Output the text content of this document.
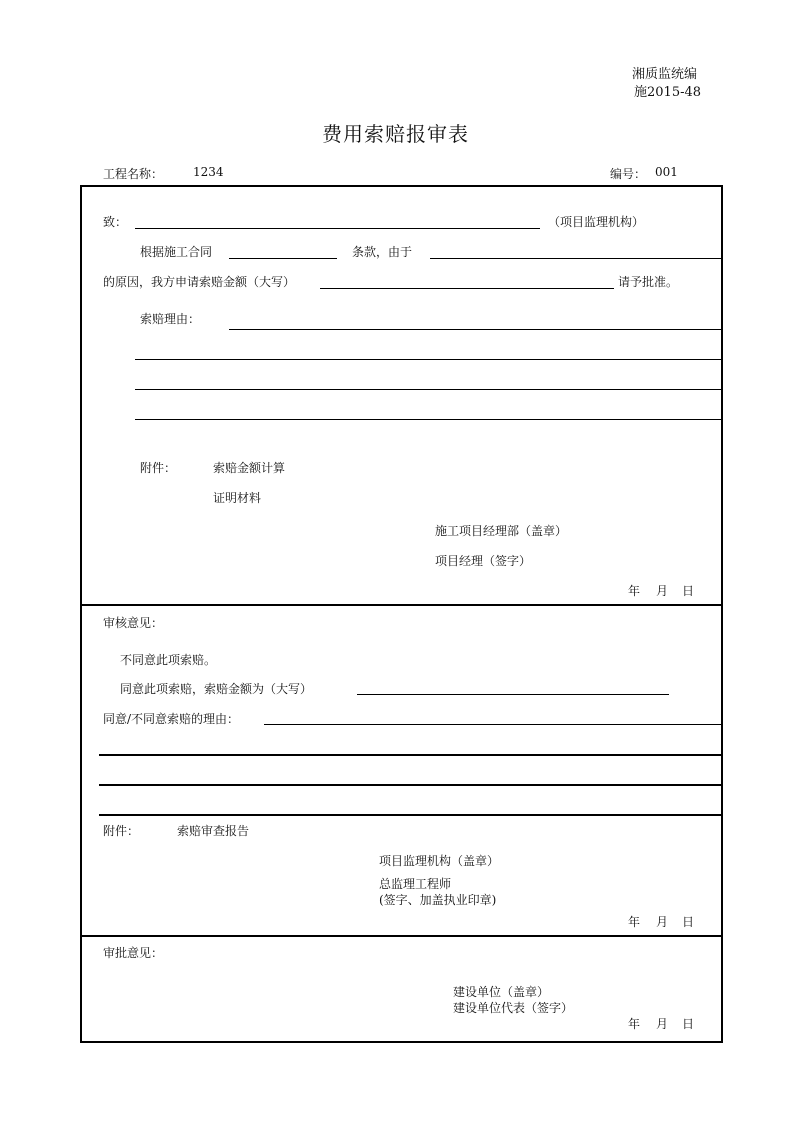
湘质监统编
施2015-48
费用索赔报审表
工程名称： 1234	编号： 001
致：	（项目监理机构）
根据施工合同	条款，由于
的原因，我方申请索赔金额（大写）	请予批准。
索赔理由：
附件：	索赔金额计算
证明材料
施工项目经理部（盖章）
项目经理（签字）
年 月 日
审核意见：
不同意此项索赔。
同意此项索赔，索赔金额为（大写）
同意/不同意索赔的理由：
附件：	索赔审查报告
项目监理机构（盖章）
总监理工程师
(签字、加盖执业印章)
年 月 日
审批意见：
建设单位（盖章）
建设单位代表（签字）
年 月 日
